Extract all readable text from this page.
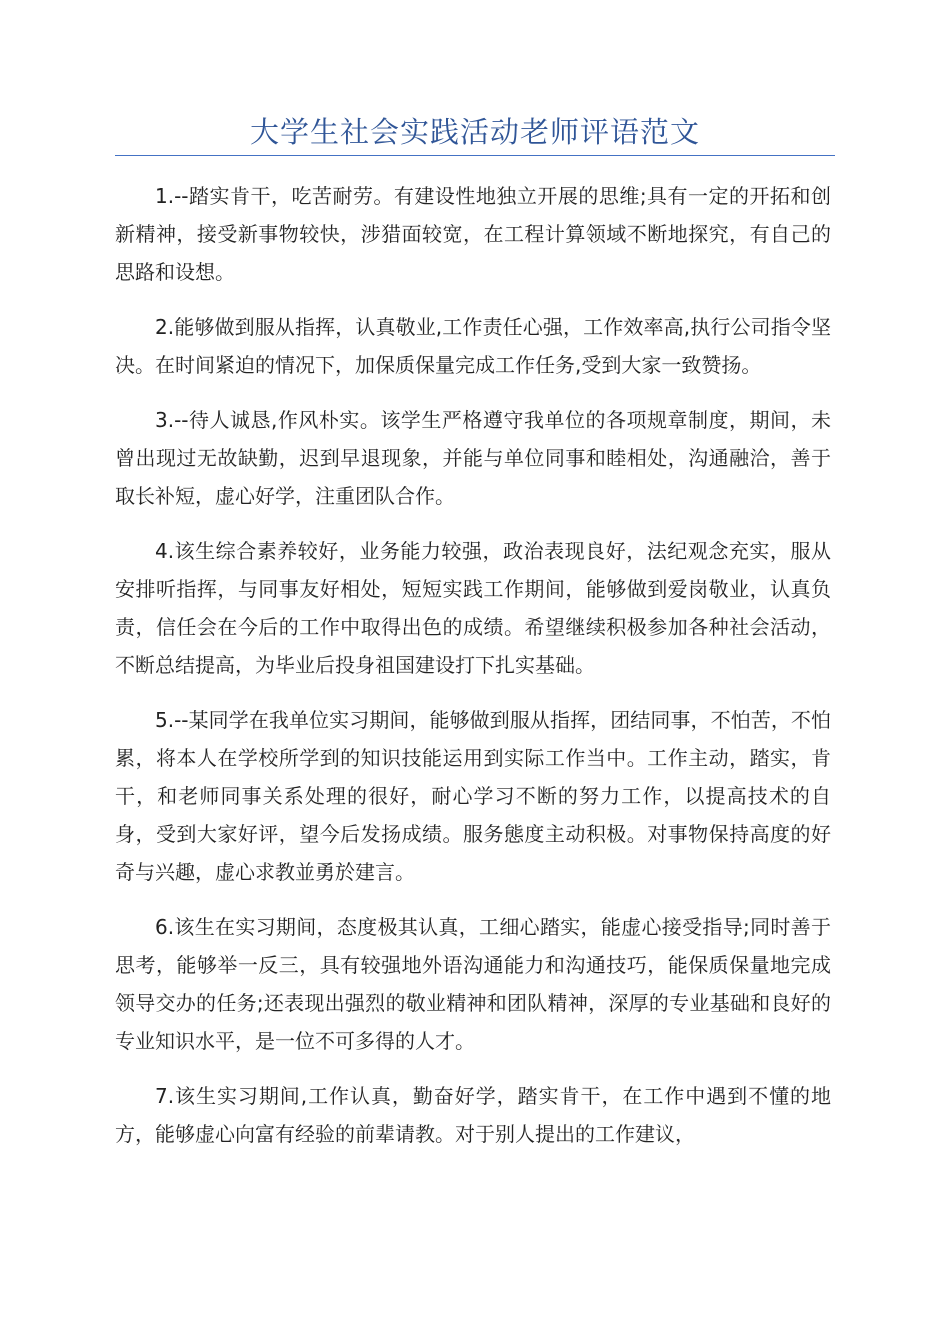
大学生社会实践活动老师评语范文

1.--踏实肯干，吃苦耐劳。有建设性地独立开展的思维;具有一定的开拓和创新精神，接受新事物较快，涉猎面较宽，在工程计算领域不断地探究，有自己的思路和设想。

2.能够做到服从指挥，认真敬业,工作责任心强，工作效率高,执行公司指令坚决。在时间紧迫的情况下，加保质保量完成工作任务,受到大家一致赞扬。

3.--待人诚恳,作风朴实。该学生严格遵守我单位的各项规章制度，期间，未曾出现过无故缺勤，迟到早退现象，并能与单位同事和睦相处，沟通融洽，善于取长补短，虚心好学，注重团队合作。

4.该生综合素养较好，业务能力较强，政治表现良好，法纪观念充实，服从安排听指挥，与同事友好相处，短短实践工作期间，能够做到爱岗敬业，认真负责，信任会在今后的工作中取得出色的成绩。希望继续积极参加各种社会活动，不断总结提高，为毕业后投身祖国建设打下扎实基础。

5.--某同学在我单位实习期间，能够做到服从指挥，团结同事，不怕苦，不怕累，将本人在学校所学到的知识技能运用到实际工作当中。工作主动，踏实，肯干，和老师同事关系处理的很好，耐心学习不断的努力工作，以提高技术的自身，受到大家好评，望今后发扬成绩。服务態度主动积极。对事物保持高度的好奇与兴趣，虚心求教並勇於建言。

6.该生在实习期间，态度极其认真，工细心踏实，能虚心接受指导;同时善于思考，能够举一反三，具有较强地外语沟通能力和沟通技巧，能保质保量地完成领导交办的任务;还表现出强烈的敬业精神和团队精神，深厚的专业基础和良好的专业知识水平，是一位不可多得的人才。

7.该生实习期间,工作认真，勤奋好学，踏实肯干，在工作中遇到不懂的地方，能够虚心向富有经验的前辈请教。对于别人提出的工作建议，
